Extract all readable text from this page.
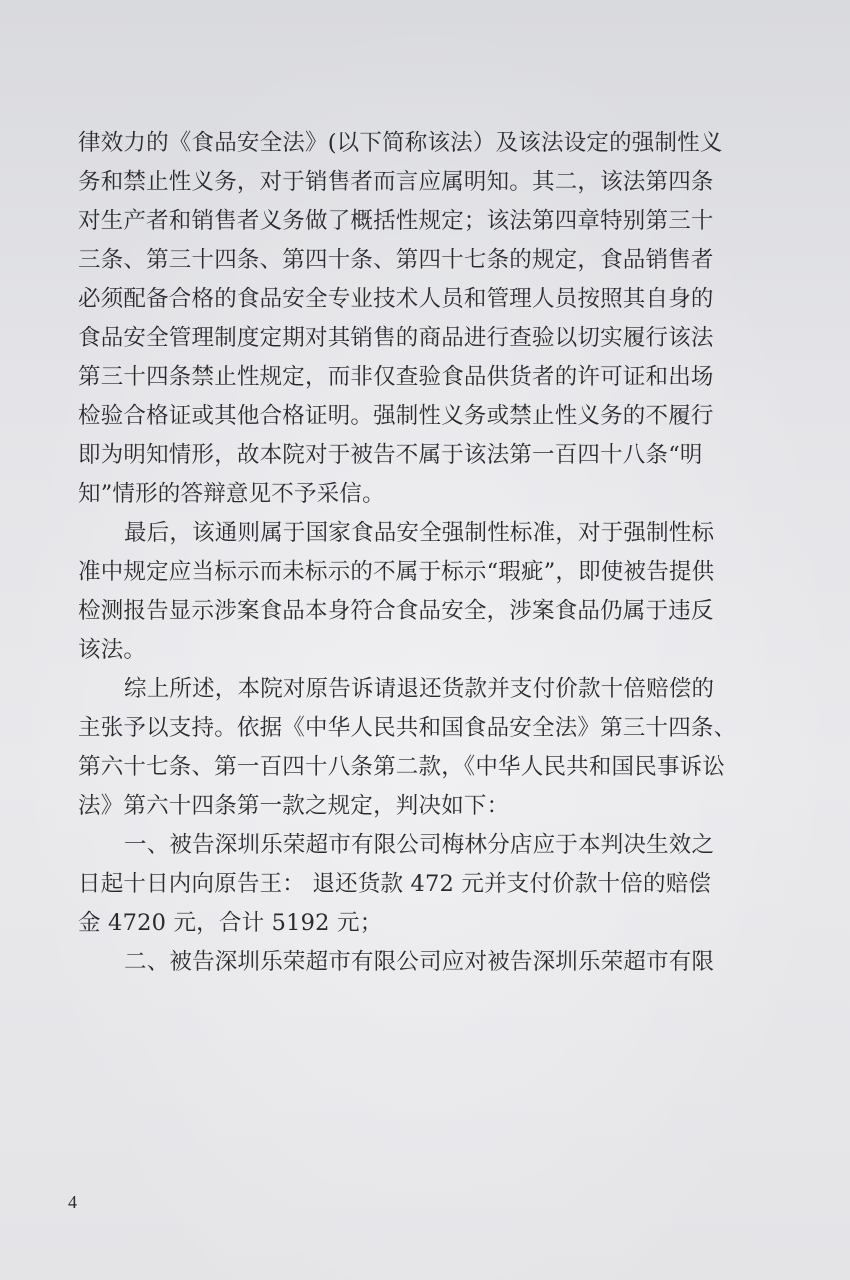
律效力的《食品安全法》(以下简称该法）及该法设定的强制性义
务和禁止性义务，对于销售者而言应属明知。其二，该法第四条
对生产者和销售者义务做了概括性规定；该法第四章特别第三十
三条、第三十四条、第四十条、第四十七条的规定，食品销售者
必须配备合格的食品安全专业技术人员和管理人员按照其自身的
食品安全管理制度定期对其销售的商品进行查验以切实履行该法
第三十四条禁止性规定，而非仅查验食品供货者的许可证和出场
检验合格证或其他合格证明。强制性义务或禁止性义务的不履行
即为明知情形，故本院对于被告不属于该法第一百四十八条“明
知”情形的答辩意见不予采信。
最后，该通则属于国家食品安全强制性标准，对于强制性标
准中规定应当标示而未标示的不属于标示“瑕疵”，即使被告提供
检测报告显示涉案食品本身符合食品安全，涉案食品仍属于违反
该法。
综上所述，本院对原告诉请退还货款并支付价款十倍赔偿的
主张予以支持。依据《中华人民共和国食品安全法》第三十四条、
第六十七条、第一百四十八条第二款，《中华人民共和国民事诉讼
法》第六十四条第一款之规定，判决如下：
一、被告深圳乐荣超市有限公司梅林分店应于本判决生效之
日起十日内向原告王： 退还货款 472 元并支付价款十倍的赔偿
金 4720 元，合计 5192 元；
二、被告深圳乐荣超市有限公司应对被告深圳乐荣超市有限
4
